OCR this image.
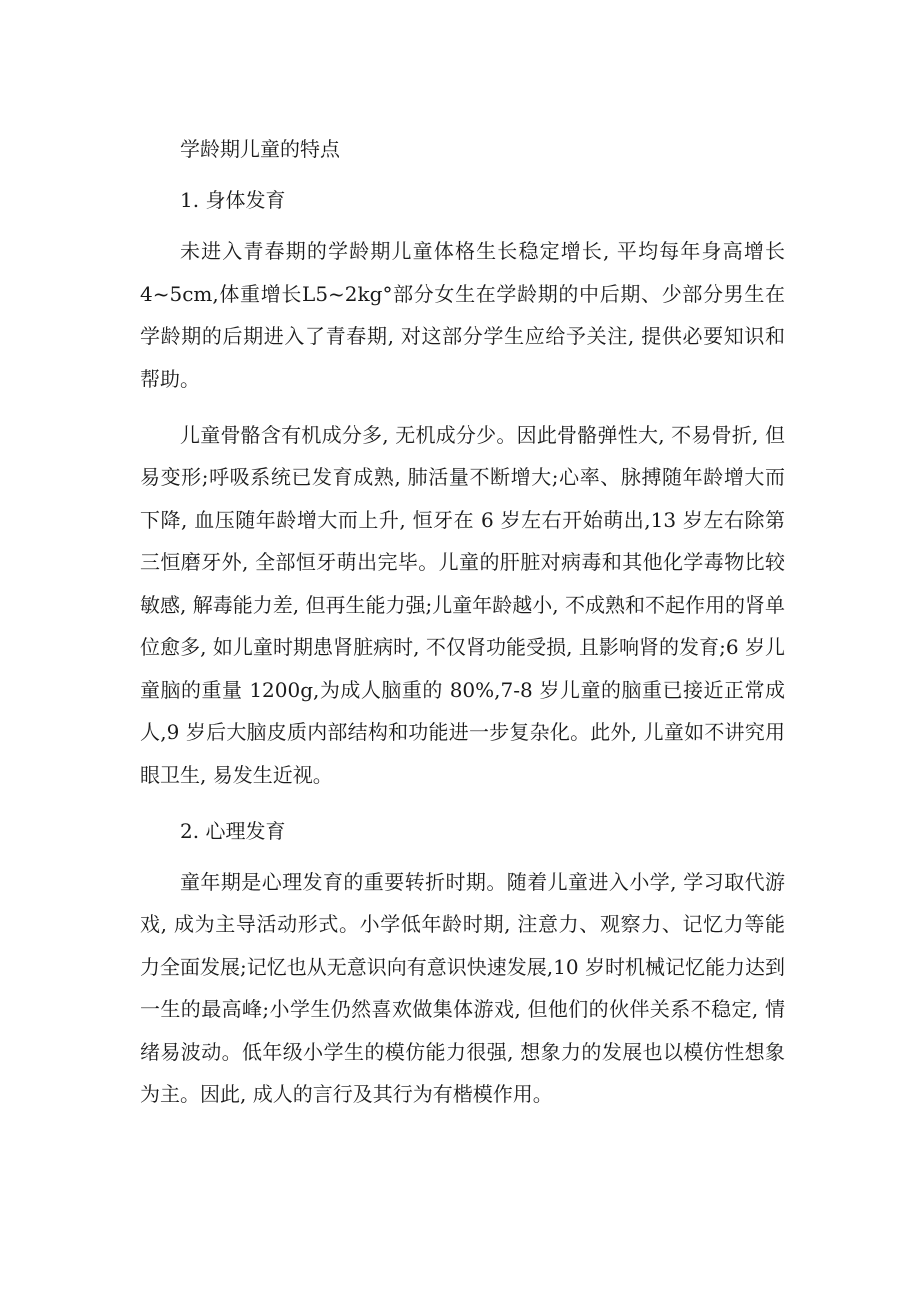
学龄期儿童的特点

1. 身体发育

未进入青春期的学龄期儿童体格生长稳定增长, 平均每年身高增长4~5cm,体重增长L5~2kg°部分女生在学龄期的中后期、少部分男生在学龄期的后期进入了青春期, 对这部分学生应给予关注, 提供必要知识和帮助。

儿童骨骼含有机成分多, 无机成分少。因此骨骼弹性大, 不易骨折, 但易变形;呼吸系统已发育成熟, 肺活量不断增大;心率、脉搏随年龄增大而下降, 血压随年龄增大而上升, 恒牙在 6 岁左右开始萌出,13 岁左右除第三恒磨牙外, 全部恒牙萌出完毕。儿童的肝脏对病毒和其他化学毒物比较敏感, 解毒能力差, 但再生能力强;儿童年龄越小, 不成熟和不起作用的肾单位愈多, 如儿童时期患肾脏病时, 不仅肾功能受损, 且影响肾的发育;6 岁儿童脑的重量 1200g,为成人脑重的 80%,7-8 岁儿童的脑重已接近正常成人,9 岁后大脑皮质内部结构和功能进一步复杂化。此外, 儿童如不讲究用眼卫生, 易发生近视。

2. 心理发育

童年期是心理发育的重要转折时期。随着儿童进入小学, 学习取代游戏, 成为主导活动形式。小学低年龄时期, 注意力、观察力、记忆力等能力全面发展;记忆也从无意识向有意识快速发展,10 岁时机械记忆能力达到一生的最高峰;小学生仍然喜欢做集体游戏, 但他们的伙伴关系不稳定, 情绪易波动。低年级小学生的模仿能力很强, 想象力的发展也以模仿性想象为主。因此, 成人的言行及其行为有楷模作用。
